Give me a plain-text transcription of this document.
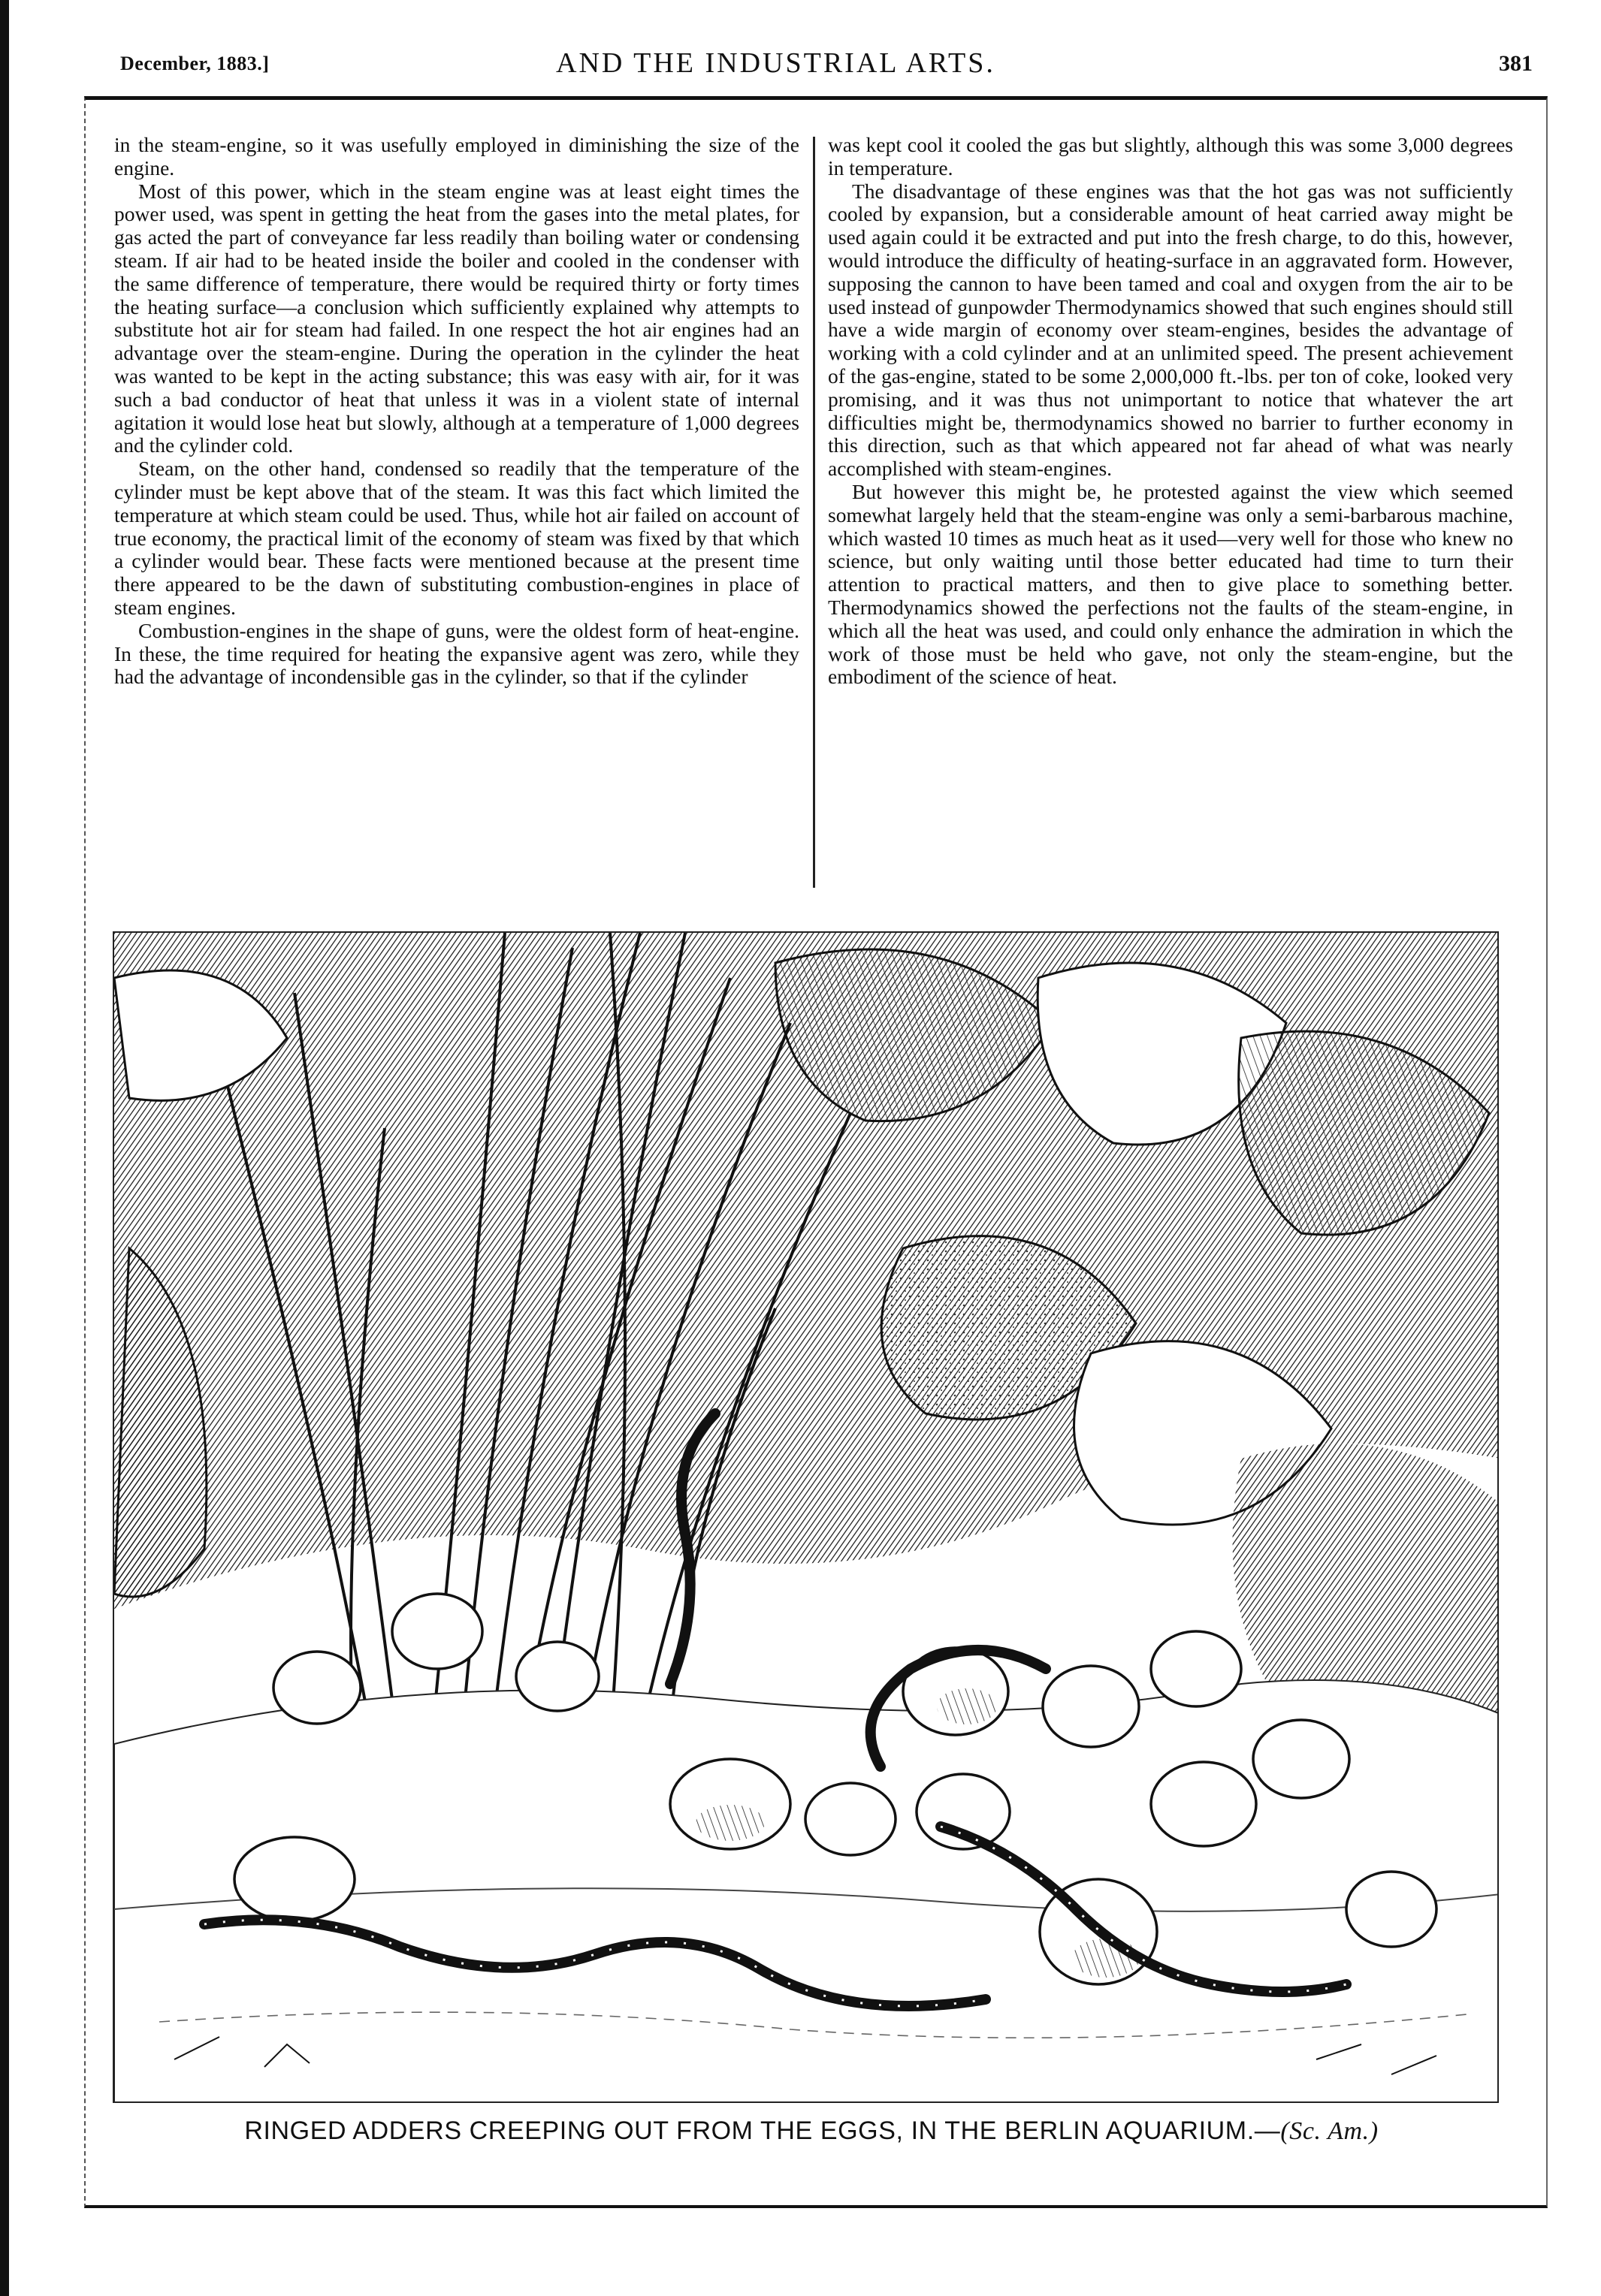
December, 1883.]	AND THE INDUSTRIAL ARTS.	381

in the steam-engine, so it was usefully employed in diminishing the size of the engine.

Most of this power, which in the steam engine was at least eight times the power used, was spent in getting the heat from the gases into the metal plates, for gas acted the part of conveyance far less readily than boiling water or condensing steam. If air had to be heated inside the boiler and cooled in the condenser with the same difference of temperature, there would be required thirty or forty times the heating surface—a conclusion which sufficiently explained why attempts to substitute hot air for steam had failed. In one respect the hot air engines had an advantage over the steam-engine. During the operation in the cylinder the heat was wanted to be kept in the acting substance; this was easy with air, for it was such a bad conductor of heat that unless it was in a violent state of internal agitation it would lose heat but slowly, although at a temperature of 1,000 degrees and the cylinder cold.

Steam, on the other hand, condensed so readily that the temperature of the cylinder must be kept above that of the steam. It was this fact which limited the temperature at which steam could be used. Thus, while hot air failed on account of true economy, the practical limit of the economy of steam was fixed by that which a cylinder would bear. These facts were mentioned because at the present time there appeared to be the dawn of substituting combustion-engines in place of steam engines.

Combustion-engines in the shape of guns, were the oldest form of heat-engine. In these, the time required for heating the expansive agent was zero, while they had the advantage of incondensible gas in the cylinder, so that if the cylinder

was kept cool it cooled the gas but slightly, although this was some 3,000 degrees in temperature.

The disadvantage of these engines was that the hot gas was not sufficiently cooled by expansion, but a considerable amount of heat carried away might be used again could it be extracted and put into the fresh charge, to do this, however, would introduce the difficulty of heating-surface in an aggravated form. However, supposing the cannon to have been tamed and coal and oxygen from the air to be used instead of gunpowder Thermodynamics showed that such engines should still have a wide margin of economy over steam-engines, besides the advantage of working with a cold cylinder and at an unlimited speed. The present achievement of the gas-engine, stated to be some 2,000,000 ft.-lbs. per ton of coke, looked very promising, and it was thus not unimportant to notice that whatever the art difficulties might be, thermodynamics showed no barrier to further economy in this direction, such as that which appeared not far ahead of what was nearly accomplished with steam-engines.

But however this might be, he protested against the view which seemed somewhat largely held that the steam-engine was only a semi-barbarous machine, which wasted 10 times as much heat as it used—very well for those who knew no science, but only waiting until those better educated had time to turn their attention to practical matters, and then to give place to something better. Thermodynamics showed the perfections not the faults of the steam-engine, in which all the heat was used, and could only enhance the admiration in which the work of those must be held who gave, not only the steam-engine, but the embodiment of the science of heat.

RINGED ADDERS CREEPING OUT FROM THE EGGS, IN THE BERLIN AQUARIUM.—(Sc. Am.)
